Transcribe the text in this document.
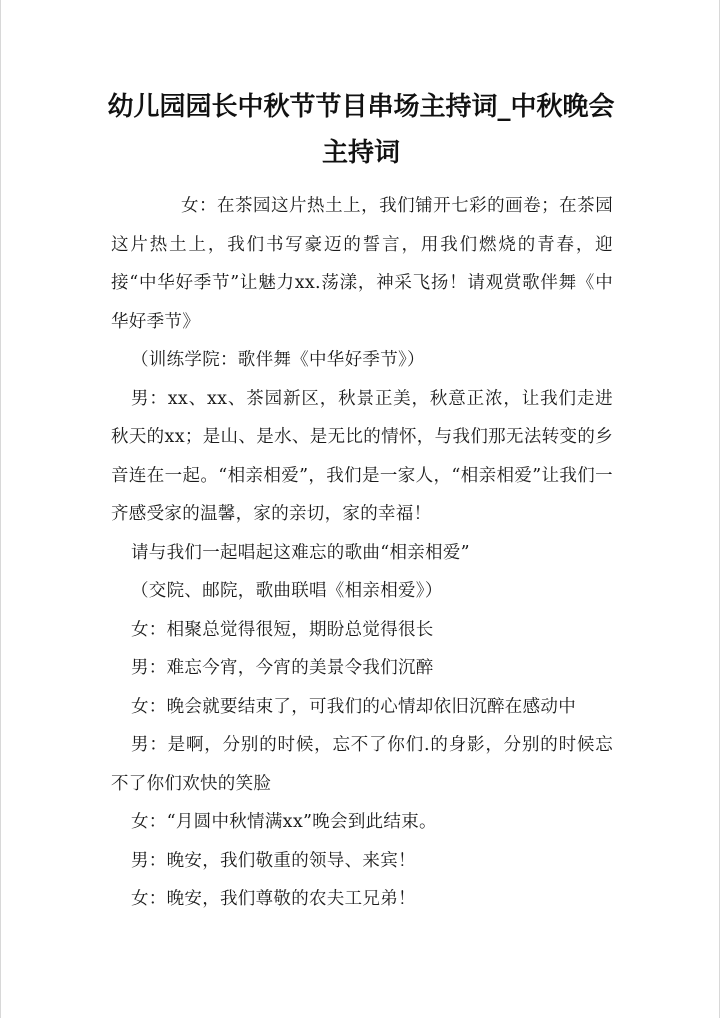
幼儿园园长中秋节节目串场主持词_中秋晚会主持词

女：在茶园这片热土上，我们铺开七彩的画卷；在茶园这片热土上，我们书写豪迈的誓言，用我们燃烧的青春，迎接“中华好季节”让魅力xx.荡漾，神采飞扬！请观赏歌伴舞《中华好季节》

（训练学院：歌伴舞《中华好季节》）

男：xx、xx、茶园新区，秋景正美，秋意正浓，让我们走进秋天的xx；是山、是水、是无比的情怀，与我们那无法转变的乡音连在一起。“相亲相爱”，我们是一家人，“相亲相爱”让我们一齐感受家的温馨，家的亲切，家的幸福！

请与我们一起唱起这难忘的歌曲“相亲相爱”

（交院、邮院，歌曲联唱《相亲相爱》）

女：相聚总觉得很短，期盼总觉得很长

男：难忘今宵，今宵的美景令我们沉醉

女：晚会就要结束了，可我们的心情却依旧沉醉在感动中

男：是啊，分别的时候，忘不了你们.的身影，分别的时候忘不了你们欢快的笑脸

女：“月圆中秋情满xx”晚会到此结束。

男：晚安，我们敬重的领导、来宾！

女：晚安，我们尊敬的农夫工兄弟！
